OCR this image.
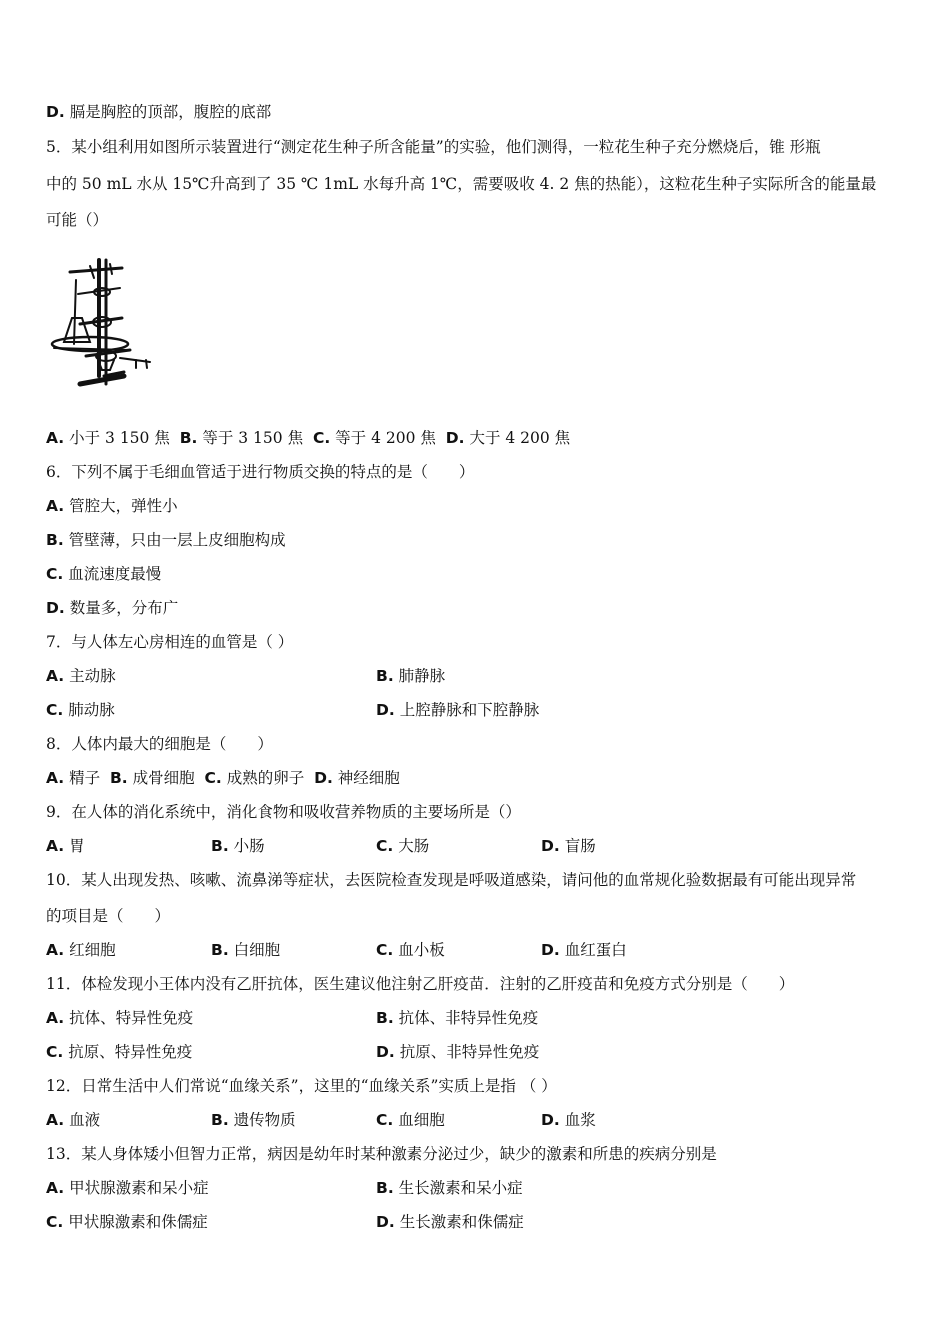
D. 膈是胸腔的顶部，腹腔的底部
5．某小组利用如图所示装置进行“测定花生种子所含能量”的实验，他们测得，一粒花生种子充分燃烧后，锥 形瓶
中的 50 mL 水从 15℃升高到了 35 ℃ 1mL 水每升高 1℃，需要吸收 4. 2 焦的热能），这粒花生种子实际所含的能量最
可能（）
A. 小于 3 150 焦 B. 等于 3 150 焦 C. 等于 4 200 焦 D. 大于 4 200 焦
6．下列不属于毛细血管适于进行物质交换的特点的是（　　）
A. 管腔大，弹性小
B. 管壁薄，只由一层上皮细胞构成
C. 血流速度最慢
D. 数量多，分布广
7．与人体左心房相连的血管是（ ）
A. 主动脉	B. 肺静脉
C. 肺动脉	D. 上腔静脉和下腔静脉
8．人体内最大的细胞是（　　）
A. 精子 B. 成骨细胞 C. 成熟的卵子 D. 神经细胞
9．在人体的消化系统中，消化食物和吸收营养物质的主要场所是（）
A. 胃	B. 小肠	C. 大肠	D. 盲肠
10．某人出现发热、咳嗽、流鼻涕等症状，去医院检查发现是呼吸道感染，请问他的血常规化验数据最有可能出现异常
的项目是（　　）
A. 红细胞	B. 白细胞	C. 血小板	D. 血红蛋白
11．体检发现小王体内没有乙肝抗体，医生建议他注射乙肝疫苗．注射的乙肝疫苗和免疫方式分别是（　　）
A. 抗体、特异性免疫	B. 抗体、非特异性免疫
C. 抗原、特异性免疫	D. 抗原、非特异性免疫
12．日常生活中人们常说“血缘关系”，这里的“血缘关系”实质上是指 （ ）
A. 血液	B. 遗传物质	C. 血细胞	D. 血浆
13．某人身体矮小但智力正常，病因是幼年时某种激素分泌过少，缺少的激素和所患的疾病分别是
A. 甲状腺激素和呆小症	B. 生长激素和呆小症
C. 甲状腺激素和侏儒症	D. 生长激素和侏儒症
